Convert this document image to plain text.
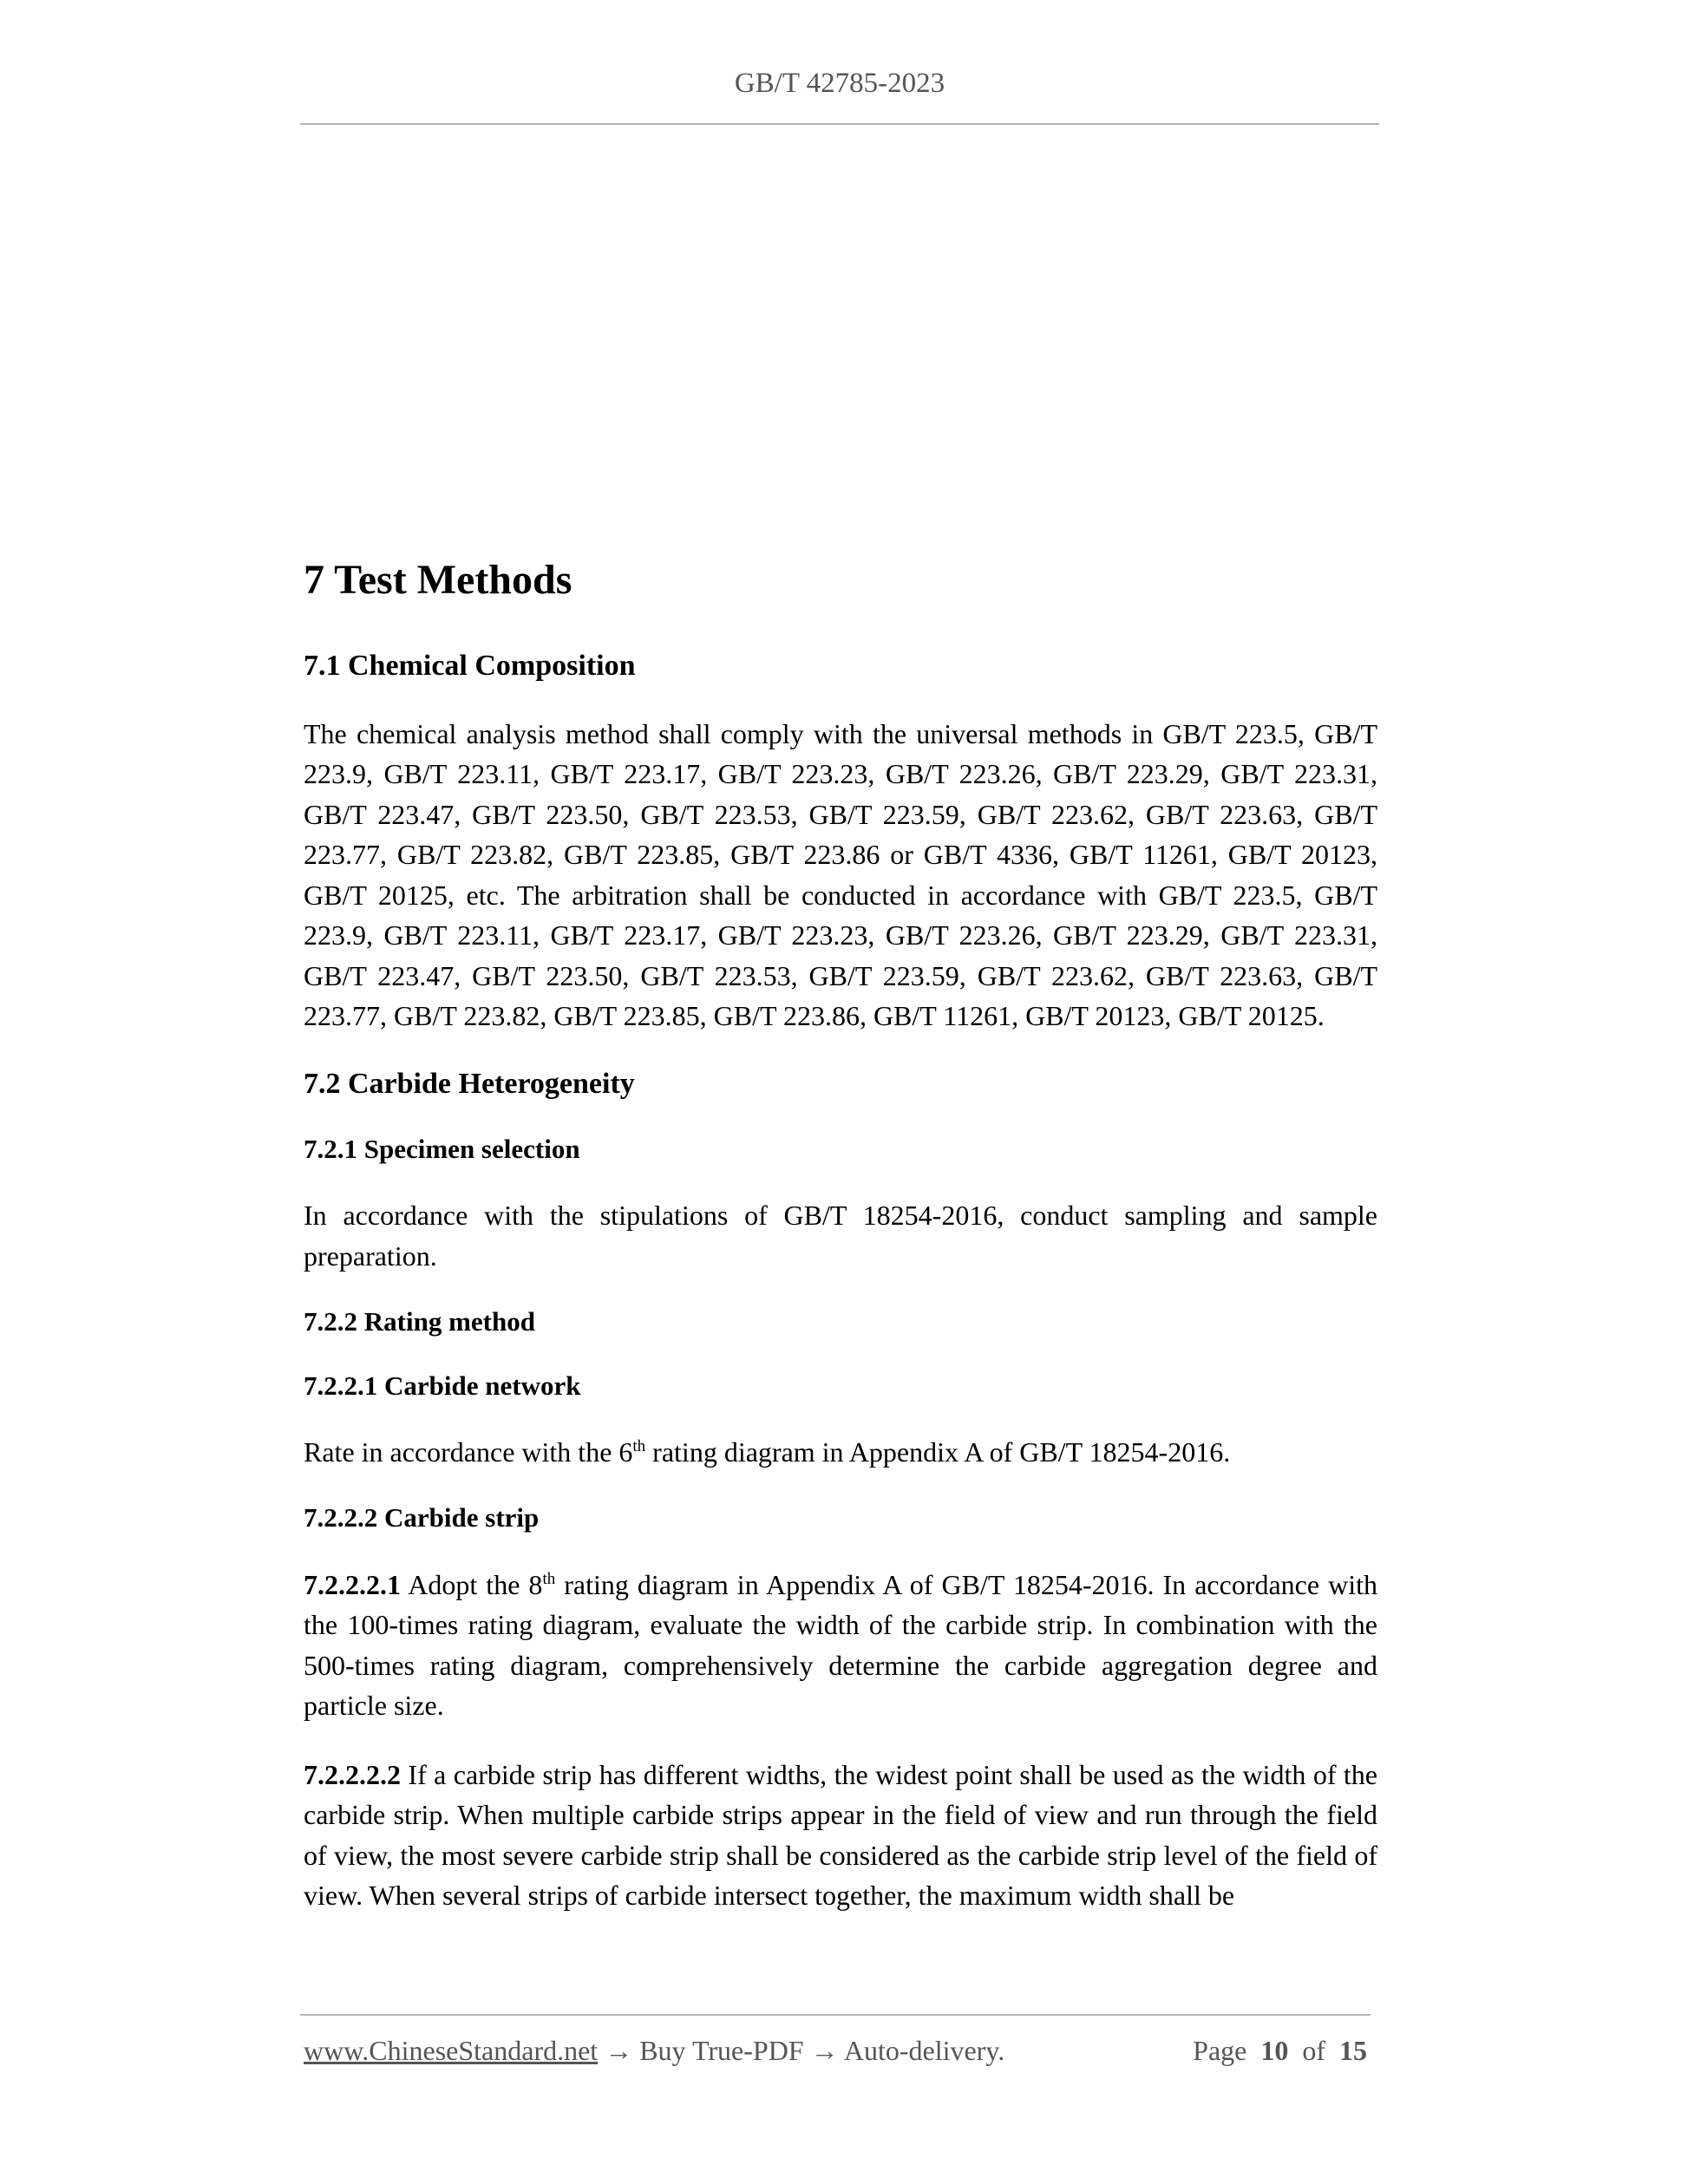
GB/T 42785-2023
7 Test Methods
7.1 Chemical Composition

The chemical analysis method shall comply with the universal methods in GB/T 223.5, GB/T 223.9, GB/T 223.11, GB/T 223.17, GB/T 223.23, GB/T 223.26, GB/T 223.29, GB/T 223.31, GB/T 223.47, GB/T 223.50, GB/T 223.53, GB/T 223.59, GB/T 223.62, GB/T 223.63, GB/T 223.77, GB/T 223.82, GB/T 223.85, GB/T 223.86 or GB/T 4336, GB/T 11261, GB/T 20123, GB/T 20125, etc. The arbitration shall be conducted in accordance with GB/T 223.5, GB/T 223.9, GB/T 223.11, GB/T 223.17, GB/T 223.23, GB/T 223.26, GB/T 223.29, GB/T 223.31, GB/T 223.47, GB/T 223.50, GB/T 223.53, GB/T 223.59, GB/T 223.62, GB/T 223.63, GB/T 223.77, GB/T 223.82, GB/T 223.85, GB/T 223.86, GB/T 11261, GB/T 20123, GB/T 20125.

7.2 Carbide Heterogeneity
7.2.1 Specimen selection

In accordance with the stipulations of GB/T 18254-2016, conduct sampling and sample preparation.

7.2.2 Rating method
7.2.2.1 Carbide network

Rate in accordance with the 6th rating diagram in Appendix A of GB/T 18254-2016.

7.2.2.2 Carbide strip

7.2.2.2.1 Adopt the 8th rating diagram in Appendix A of GB/T 18254-2016. In accordance with the 100-times rating diagram, evaluate the width of the carbide strip. In combination with the 500-times rating diagram, comprehensively determine the carbide aggregation degree and particle size.

7.2.2.2.2 If a carbide strip has different widths, the widest point shall be used as the width of the carbide strip. When multiple carbide strips appear in the field of view and run through the field of view, the most severe carbide strip shall be considered as the carbide strip level of the field of view. When several strips of carbide intersect together, the maximum width shall be

www.ChineseStandard.net → Buy True-PDF → Auto-delivery.	Page 10 of 15
